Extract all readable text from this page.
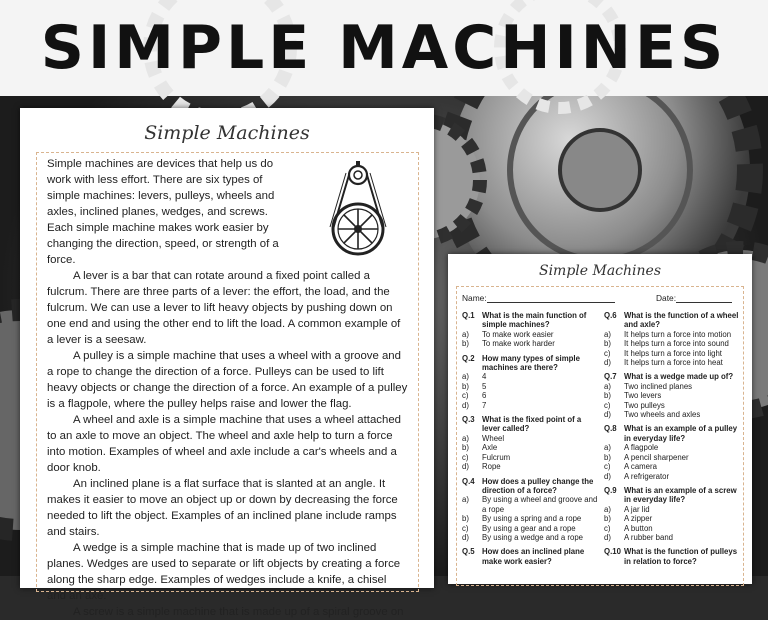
SIMPLE MACHINES
Simple Machines

Simple machines are devices that help us do work with less effort. There are six types of simple machines: levers, pulleys, wheels and axles, inclined planes, wedges, and screws. Each simple machine makes work easier by changing the direction, speed, or strength of a force.

A lever is a bar that can rotate around a fixed point called a fulcrum. There are three parts of a lever: the effort, the load, and the fulcrum. We can use a lever to lift heavy objects by pushing down on one end and using the other end to lift the load. A common example of a lever is a seesaw.

A pulley is a simple machine that uses a wheel with a groove and a rope to change the direction of a force. Pulleys can be used to lift heavy objects or change the direction of a force. An example of a pulley is a flagpole, where the pulley helps raise and lower the flag.

A wheel and axle is a simple machine that uses a wheel attached to an axle to move an object. The wheel and axle help to turn a force into motion. Examples of wheel and axle include a car's wheels and a door knob.

An inclined plane is a flat surface that is slanted at an angle. It makes it easier to move an object up or down by decreasing the force needed to lift the object. Examples of an inclined plane include ramps and stairs.

A wedge is a simple machine that is made up of two inclined planes. Wedges are used to separate or lift objects by creating a force along the sharp edge. Examples of wedges include a knife, a chisel and an axe.

A screw is a simple machine that is made up of a spiral groove on

Simple Machines
Name:	Date:
Q.1 What is the main function of simple machines?
a)	To make work easier
b)	To make work harder
Q.2 How many types of simple machines are there?
a)	4
b)	5
c)	6
d)	7
Q.3 What is the fixed point of a lever called?
a)	Wheel
b)	Axle
c)	Fulcrum
d)	Rope
Q.4 How does a pulley change the direction of a force?
a)	By using a wheel and groove and a rope
b)	By using a spring and a rope
c)	By using a gear and a rope
d)	By using a wedge and a rope
Q.5 How does an inclined plane make work easier?
Q.6 What is the function of a wheel and axle?
a)	It helps turn a force into motion
b)	It helps turn a force into sound
c)	It helps turn a force into light
d)	It helps turn a force into heat
Q.7 What is a wedge made up of?
a)	Two inclined planes
b)	Two levers
c)	Two pulleys
d)	Two wheels and axles
Q.8 What is an example of a pulley in everyday life?
a)	A flagpole
b)	A pencil sharpener
c)	A camera
d)	A refrigerator
Q.9 What is an example of a screw in everyday life?
a)	A jar lid
b)	A zipper
c)	A button
d)	A rubber band
Q.10 What is the function of pulleys in relation to force?
